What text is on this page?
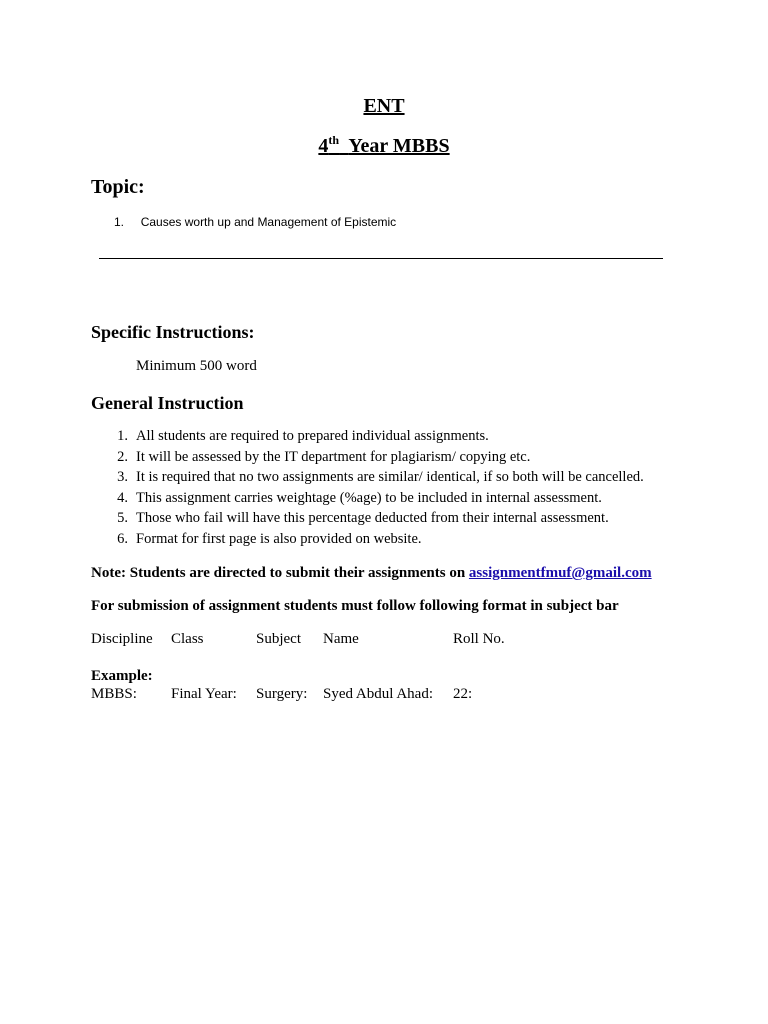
ENT
4th Year MBBS
Topic:
1. Causes worth up and Management of Epistemic
Specific Instructions:
Minimum 500 word
General Instruction
1. All students are required to prepared individual assignments.
2. It will be assessed by the IT department for plagiarism/ copying etc.
3. It is required that no two assignments are similar/ identical, if so both will be cancelled.
4. This assignment carries weightage (%age) to be included in internal assessment.
5. Those who fail will have this percentage deducted from their internal assessment.
6. Format for first page is also provided on website.
Note: Students are directed to submit their assignments on assignmentfmuf@gmail.com
For submission of assignment students must follow following format in subject bar
Discipline Class	Subject Name	Roll No.
Example:
MBBS: Final Year: Surgery: Syed Abdul Ahad: 22:
